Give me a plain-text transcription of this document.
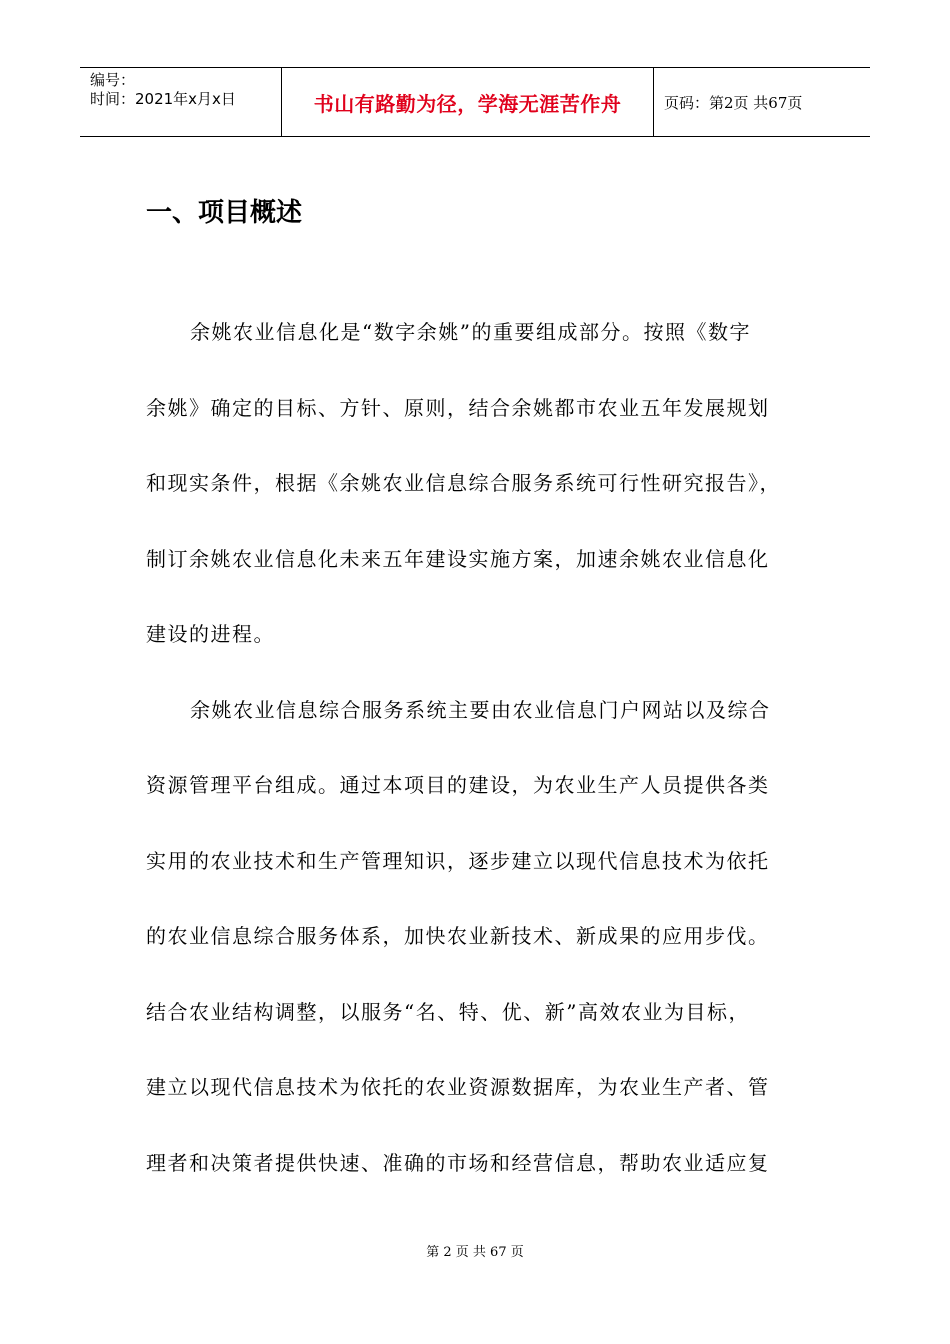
编号：
时间：2021年x月x日	书山有路勤为径，学海无涯苦作舟	页码：第2页 共67页
一、项目概述
余姚农业信息化是“数字余姚”的重要组成部分。按照《数字
余姚》确定的目标、方针、原则，结合余姚都市农业五年发展规划
和现实条件，根据《余姚农业信息综合服务系统可行性研究报告》，
制订余姚农业信息化未来五年建设实施方案，加速余姚农业信息化
建设的进程。
余姚农业信息综合服务系统主要由农业信息门户网站以及综合
资源管理平台组成。通过本项目的建设，为农业生产人员提供各类
实用的农业技术和生产管理知识，逐步建立以现代信息技术为依托
的农业信息综合服务体系，加快农业新技术、新成果的应用步伐。
结合农业结构调整，以服务“名、特、优、新”高效农业为目标，
建立以现代信息技术为依托的农业资源数据库，为农业生产者、管
理者和决策者提供快速、准确的市场和经营信息，帮助农业适应复
第 2 页 共 67 页
